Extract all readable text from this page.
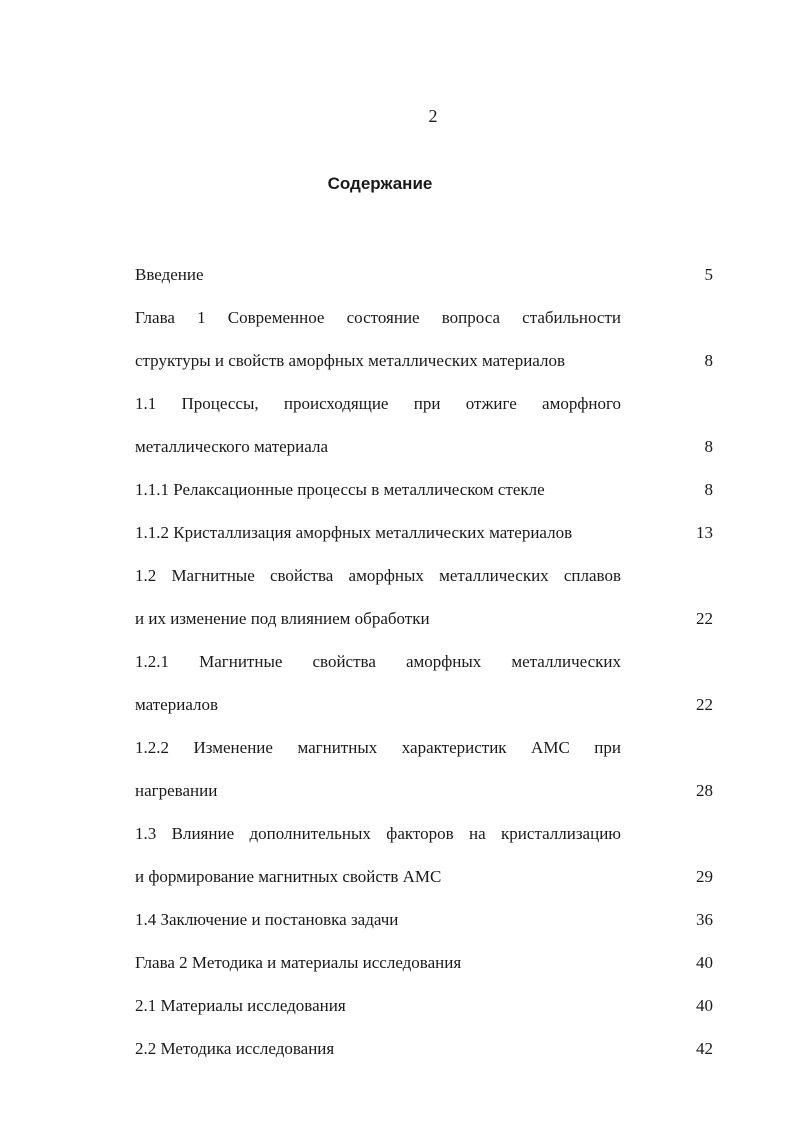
2
Содержание
Введение	5
Глава 1 Современное состояние вопроса стабильности
структуры и свойств аморфных металлических материалов	8
1.1 Процессы, происходящие при отжиге аморфного
металлического материала	8
1.1.1 Релаксационные процессы в металлическом стекле	8
1.1.2 Кристаллизация аморфных металлических материалов	13
1.2 Магнитные свойства аморфных металлических сплавов
и их изменение под влиянием обработки	22
1.2.1 Магнитные свойства аморфных металлических
материалов	22
1.2.2 Изменение магнитных характеристик АМС при
нагревании	28
1.3 Влияние дополнительных факторов на кристаллизацию
и формирование магнитных свойств АМС	29
1.4 Заключение и постановка задачи	36
Глава 2 Методика и материалы исследования	40
2.1 Материалы исследования	40
2.2 Методика исследования	42
